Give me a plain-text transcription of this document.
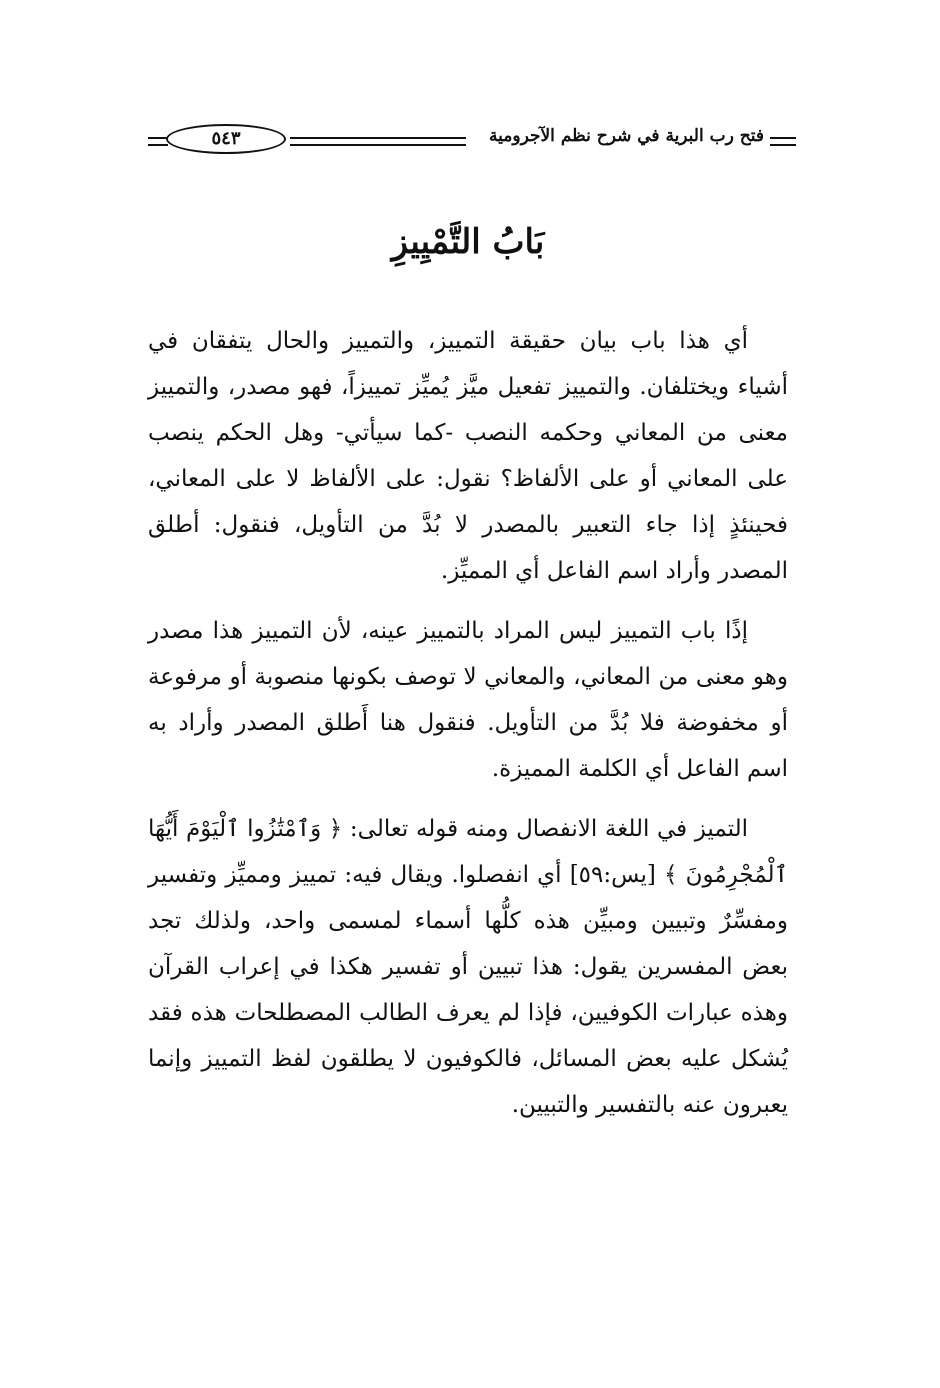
فتح رب البرية في شرح نظم الآجرومية
٥٤٣
بَابُ التَّمْيِيزِ

أي هذا باب بيان حقيقة التمييز، والتمييز والحال يتفقان في أشياء ويختلفان. والتمييز تفعيل ميَّز يُميِّز تمييزاً، فهو مصدر، والتمييز معنى من المعاني وحكمه النصب -كما سيأتي- وهل الحكم ينصب على المعاني أو على الألفاظ؟ نقول: على الألفاظ لا على المعاني، فحينئذٍ إذا جاء التعبير بالمصدر لا بُدَّ من التأويل، فنقول: أطلق المصدر وأراد اسم الفاعل أي المميِّز.

إذًا باب التمييز ليس المراد بالتمييز عينه، لأن التمييز هذا مصدر وهو معنى من المعاني، والمعاني لا توصف بكونها منصوبة أو مرفوعة أو مخفوضة فلا بُدَّ من التأويل. فنقول هنا أَطلق المصدر وأراد به اسم الفاعل أي الكلمة المميزة.

التميز في اللغة الانفصال ومنه قوله تعالى: ﴿ وَٱمْتَٰزُوا ٱلْيَوْمَ أَيُّهَا ٱلْمُجْرِمُونَ ﴾ [يس:٥٩] أي انفصلوا. ويقال فيه: تمييز ومميِّز وتفسير ومفسِّرٌ وتبيين ومبيِّن هذه كلُّها أسماء لمسمى واحد، ولذلك تجد بعض المفسرين يقول: هذا تبيين أو تفسير هكذا في إعراب القرآن وهذه عبارات الكوفيين، فإذا لم يعرف الطالب المصطلحات هذه فقد يُشكل عليه بعض المسائل، فالكوفيون لا يطلقون لفظ التمييز وإنما يعبرون عنه بالتفسير والتبيين.
